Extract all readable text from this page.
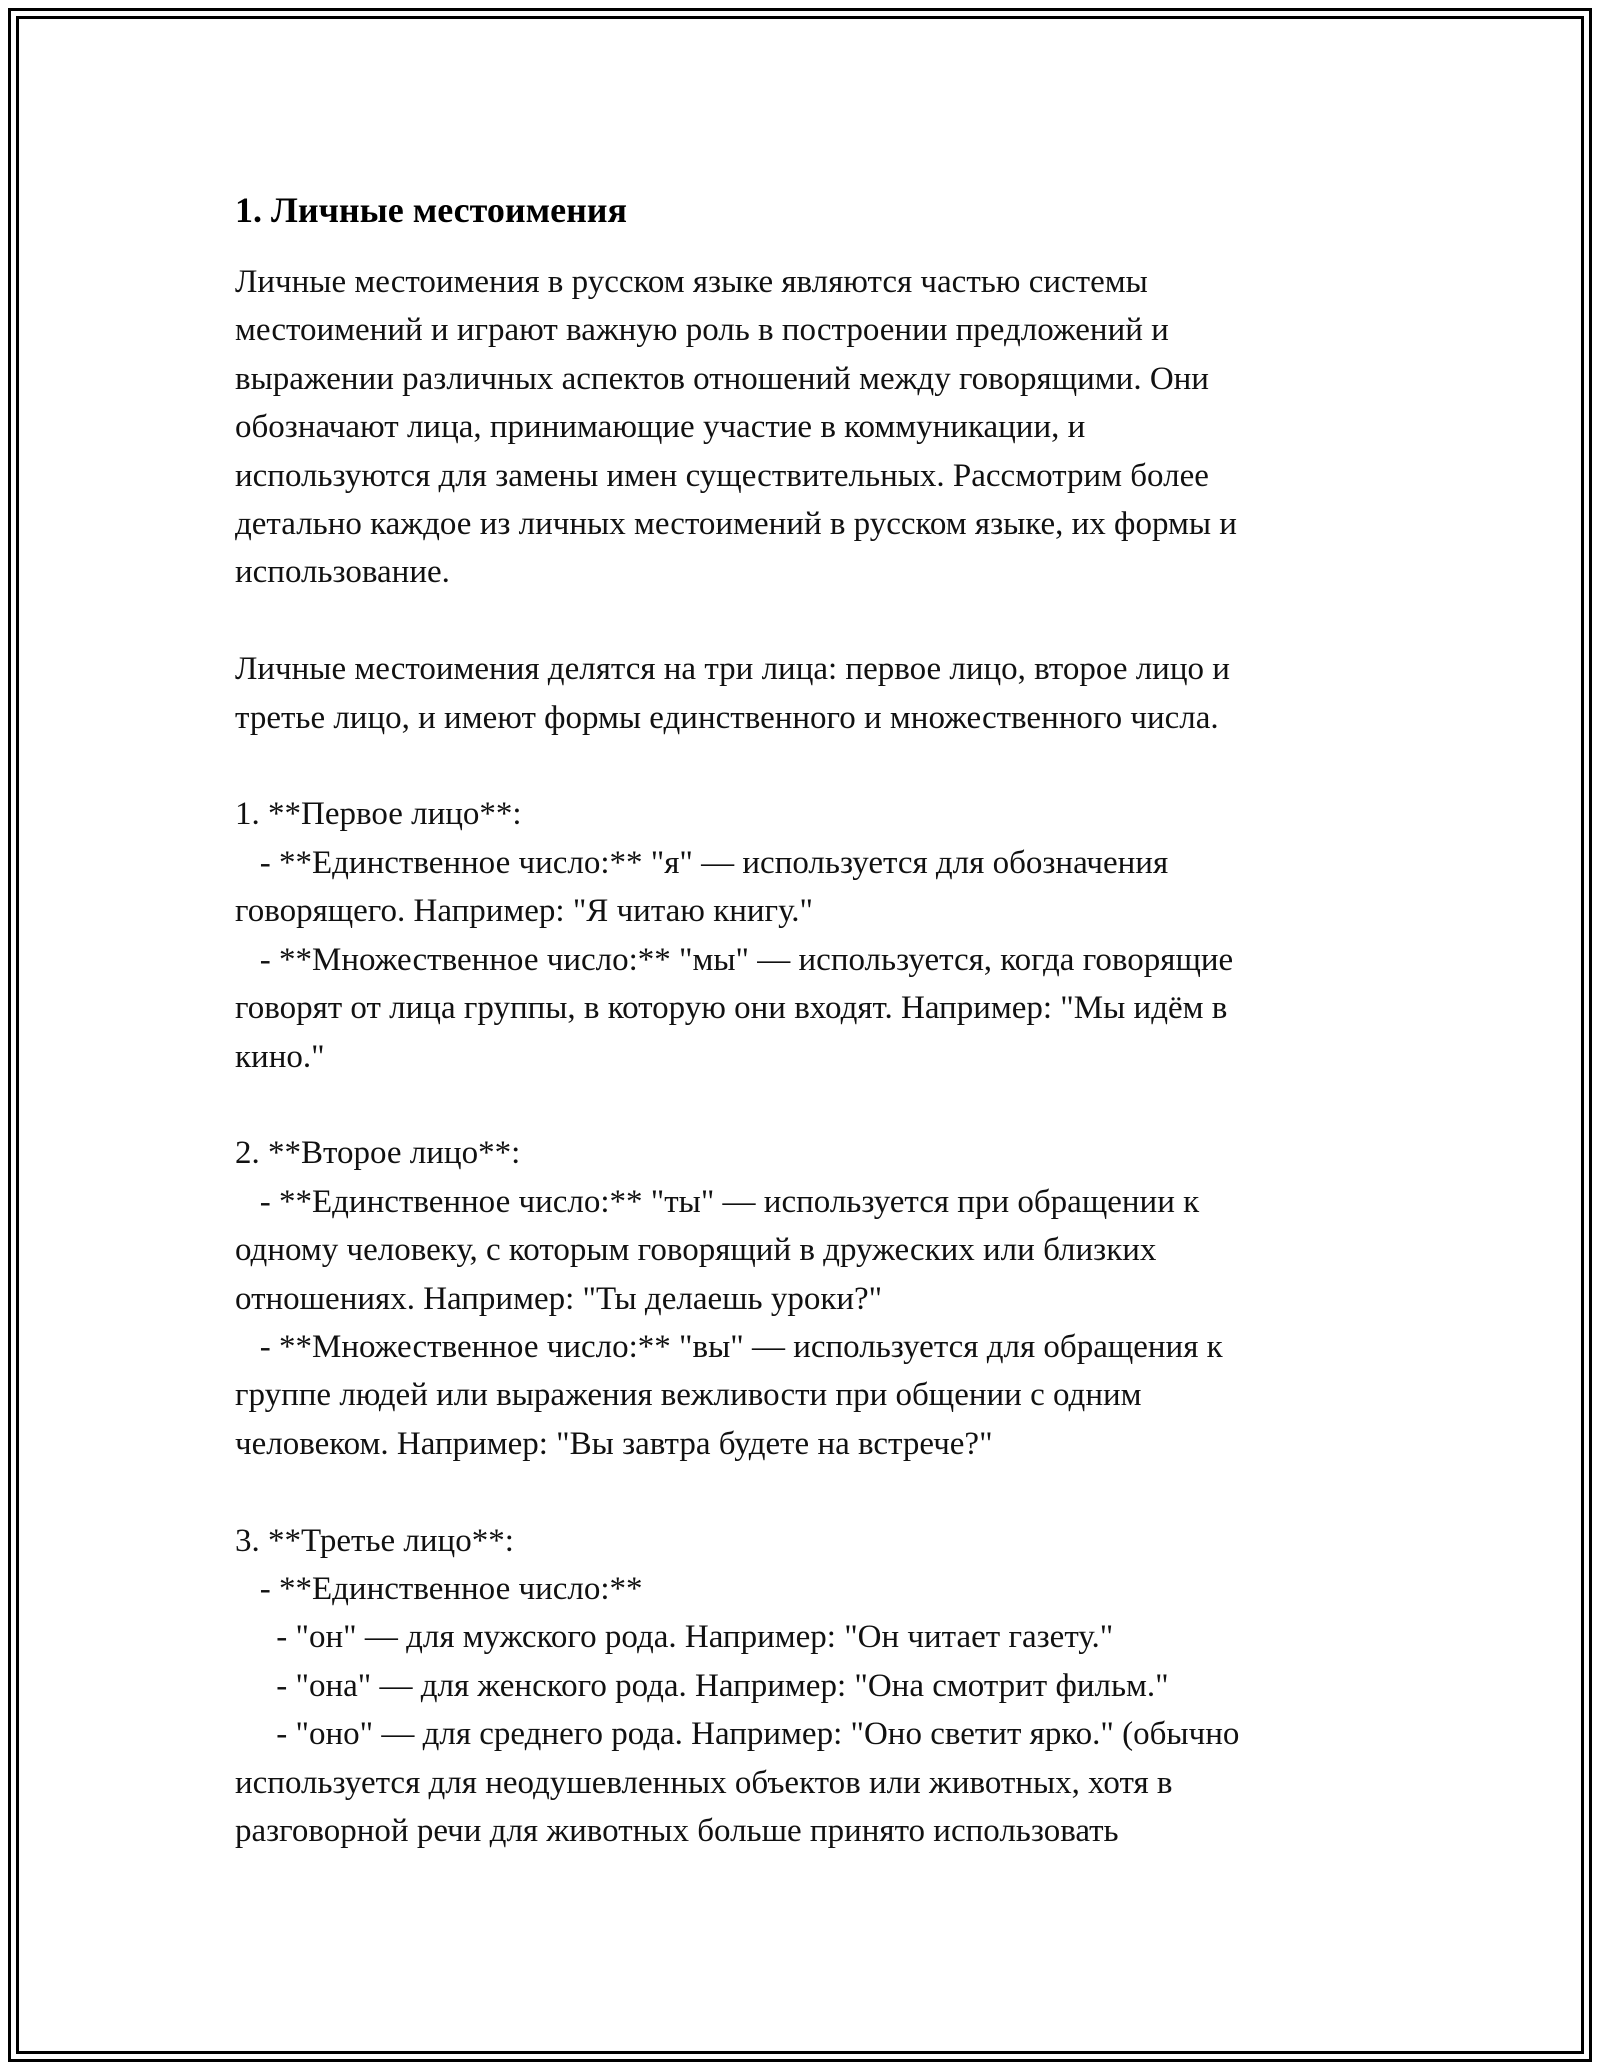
1. Личные местоимения
Личные местоимения в русском языке являются частью системы
местоимений и играют важную роль в построении предложений и
выражении различных аспектов отношений между говорящими. Они
обозначают лица, принимающие участие в коммуникации, и
используются для замены имен существительных. Рассмотрим более
детально каждое из личных местоимений в русском языке, их формы и
использование.

Личные местоимения делятся на три лица: первое лицо, второе лицо и
третье лицо, и имеют формы единственного и множественного числа.

1. **Первое лицо**:
- **Единственное число:** "я" — используется для обозначения
говорящего. Например: "Я читаю книгу."
- **Множественное число:** "мы" — используется, когда говорящие
говорят от лица группы, в которую они входят. Например: "Мы идём в
кино."

2. **Второе лицо**:
- **Единственное число:** "ты" — используется при обращении к
одному человеку, с которым говорящий в дружеских или близких
отношениях. Например: "Ты делаешь уроки?"
- **Множественное число:** "вы" — используется для обращения к
группе людей или выражения вежливости при общении с одним
человеком. Например: "Вы завтра будете на встрече?"

3. **Третье лицо**:
- **Единственное число:**
- "он" — для мужского рода. Например: "Он читает газету."
- "она" — для женского рода. Например: "Она смотрит фильм."
- "оно" — для среднего рода. Например: "Оно светит ярко." (обычно
используется для неодушевленных объектов или животных, хотя в
разговорной речи для животных больше принято использовать
